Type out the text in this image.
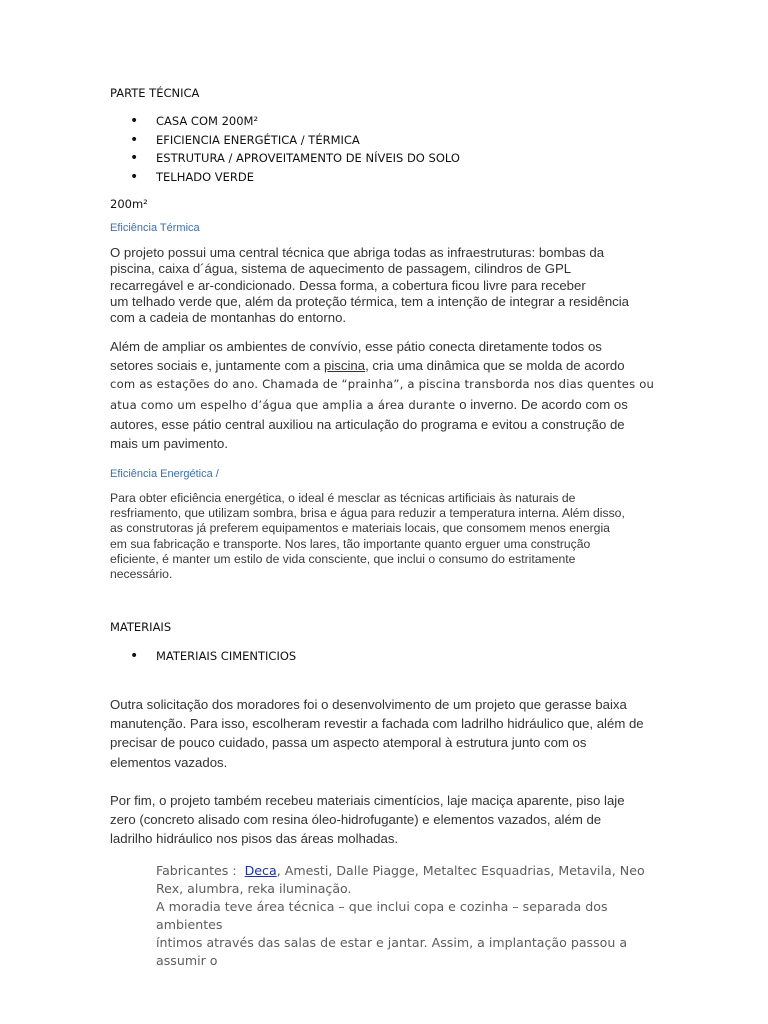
PARTE TÉCNICA
• CASA COM 200M²
• EFICIENCIA ENERGÉTICA / TÉRMICA
• ESTRUTURA / APROVEITAMENTO DE NÍVEIS DO SOLO
• TELHADO VERDE
200m²
Eficiência Térmica
O projeto possui uma central técnica que abriga todas as infraestruturas: bombas da
piscina, caixa d´água, sistema de aquecimento de passagem, cilindros de GPL
recarregável e ar-condicionado. Dessa forma, a cobertura ficou livre para receber
um telhado verde que, além da proteção térmica, tem a intenção de integrar a residência
com a cadeia de montanhas do entorno.
Além de ampliar os ambientes de convívio, esse pátio conecta diretamente todos os
setores sociais e, juntamente com a piscina, cria uma dinâmica que se molda de acordo
com as estações do ano. Chamada de “prainha”, a piscina transborda nos dias quentes ou
atua como um espelho d’água que amplia a área durante o inverno. De acordo com os
autores, esse pátio central auxiliou na articulação do programa e evitou a construção de
mais um pavimento.
Eficiência Energética /
Para obter eficiência energética, o ideal é mesclar as técnicas artificiais às naturais de
resfriamento, que utilizam sombra, brisa e água para reduzir a temperatura interna. Além disso,
as construtoras já preferem equipamentos e materiais locais, que consomem menos energia
em sua fabricação e transporte. Nos lares, tão importante quanto erguer uma construção
eficiente, é manter um estilo de vida consciente, que inclui o consumo do estritamente
necessário.
MATERIAIS
• MATERIAIS CIMENTICIOS
Outra solicitação dos moradores foi o desenvolvimento de um projeto que gerasse baixa
manutenção. Para isso, escolheram revestir a fachada com ladrilho hidráulico que, além de
precisar de pouco cuidado, passa um aspecto atemporal à estrutura junto com os
elementos vazados.
Por fim, o projeto também recebeu materiais cimentícios, laje maciça aparente, piso laje
zero (concreto alisado com resina óleo-hidrofugante) e elementos vazados, além de
ladrilho hidráulico nos pisos das áreas molhadas.
Fabricantes :  Deca, Amesti, Dalle Piagge, Metaltec Esquadrias, Metavila, Neo
Rex, alumbra, reka iluminação.
A moradia teve área técnica – que inclui copa e cozinha – separada dos ambientes
íntimos através das salas de estar e jantar. Assim, a implantação passou a assumir o
